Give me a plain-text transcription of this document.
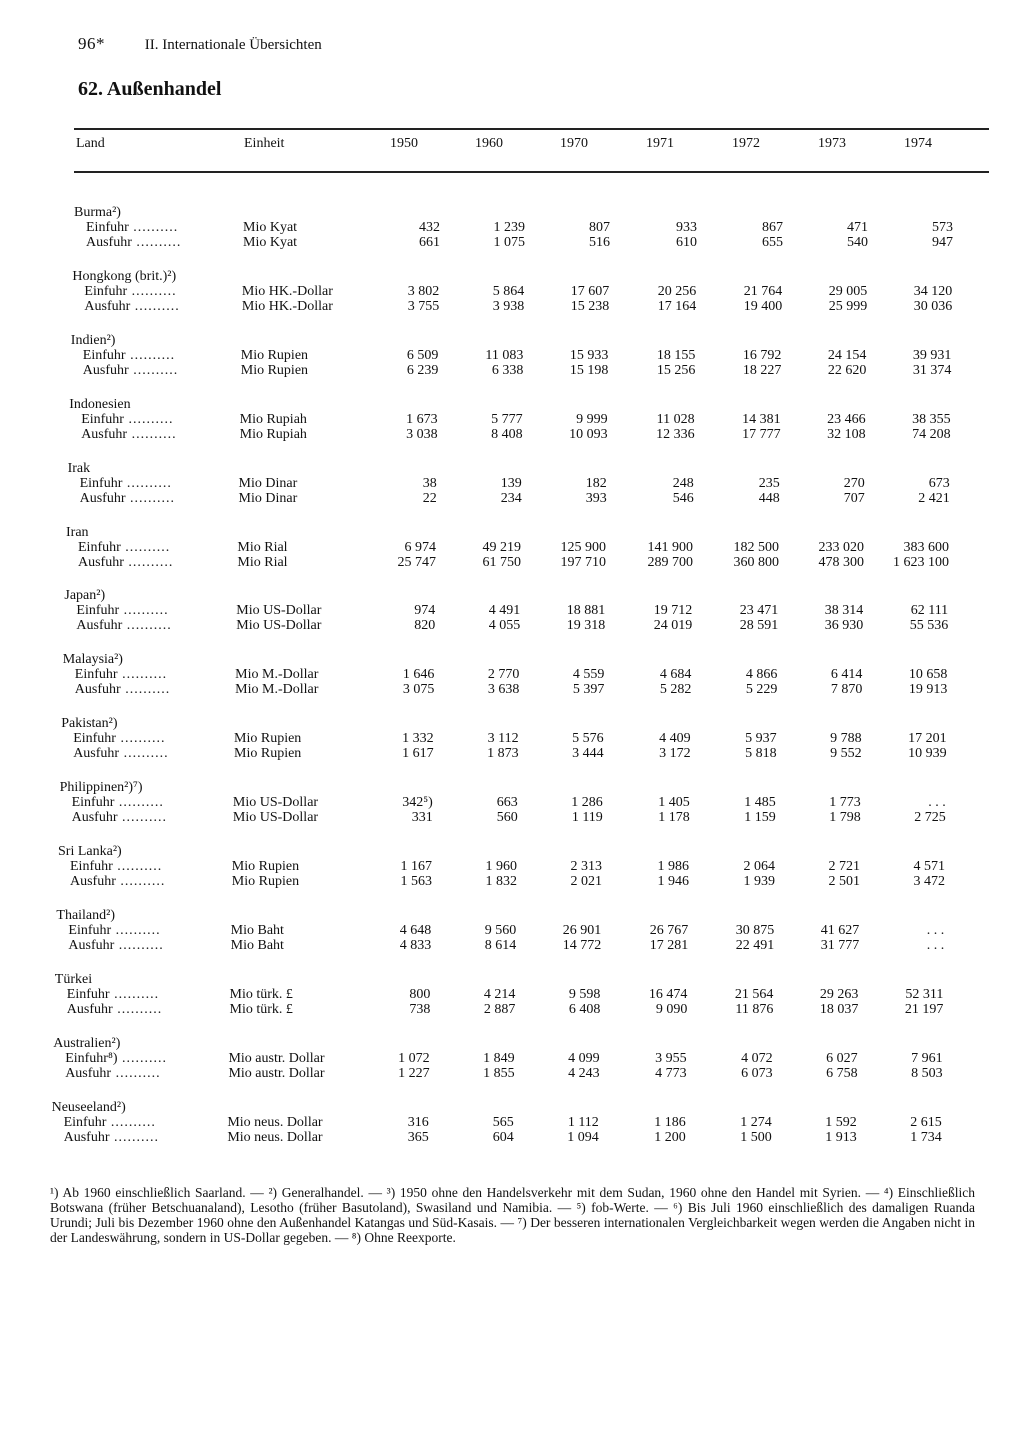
96*	II. Internationale Übersichten
62. Außenhandel
Land	Einheit	1950	1960	1970	1971	1972	1973	1974
Burma²)
Einfuhr .....	Mio Kyat	432	1 239	807	933	867	471	573
Ausfuhr .....	Mio Kyat	661	1 075	516	610	655	540	947
Hongkong (brit.)²)
Einfuhr .....	Mio HK.-Dollar	3 802	5 864	17 607	20 256	21 764	29 005	34 120
Ausfuhr .....	Mio HK.-Dollar	3 755	3 938	15 238	17 164	19 400	25 999	30 036
Indien²)
Einfuhr .....	Mio Rupien	6 509	11 083	15 933	18 155	16 792	24 154	39 931
Ausfuhr .....	Mio Rupien	6 239	6 338	15 198	15 256	18 227	22 620	31 374
Indonesien
Einfuhr .....	Mio Rupiah	1 673	5 777	9 999	11 028	14 381	23 466	38 355
Ausfuhr .....	Mio Rupiah	3 038	8 408	10 093	12 336	17 777	32 108	74 208
Irak
Einfuhr .....	Mio Dinar	38	139	182	248	235	270	673
Ausfuhr .....	Mio Dinar	22	234	393	546	448	707	2 421
Iran
Einfuhr .....	Mio Rial	6 974	49 219	125 900	141 900	182 500	233 020	383 600
Ausfuhr .....	Mio Rial	25 747	61 750	197 710	289 700	360 800	478 300	1 623 100
Japan²)
Einfuhr .....	Mio US-Dollar	974	4 491	18 881	19 712	23 471	38 314	62 111
Ausfuhr .....	Mio US-Dollar	820	4 055	19 318	24 019	28 591	36 930	55 536
Malaysia²)
Einfuhr .....	Mio M.-Dollar	1 646	2 770	4 559	4 684	4 866	6 414	10 658
Ausfuhr .....	Mio M.-Dollar	3 075	3 638	5 397	5 282	5 229	7 870	19 913
Pakistan²)
Einfuhr .....	Mio Rupien	1 332	3 112	5 576	4 409	5 937	9 788	17 201
Ausfuhr .....	Mio Rupien	1 617	1 873	3 444	3 172	5 818	9 552	10 939
Philippinen²)⁷)
Einfuhr .....	Mio US-Dollar	342⁵)	663	1 286	1 405	1 485	1 773	. . .
Ausfuhr .....	Mio US-Dollar	331	560	1 119	1 178	1 159	1 798	2 725
Sri Lanka²)
Einfuhr .....	Mio Rupien	1 167	1 960	2 313	1 986	2 064	2 721	4 571
Ausfuhr .....	Mio Rupien	1 563	1 832	2 021	1 946	1 939	2 501	3 472
Thailand²)
Einfuhr .....	Mio Baht	4 648	9 560	26 901	26 767	30 875	41 627	. . .
Ausfuhr .....	Mio Baht	4 833	8 614	14 772	17 281	22 491	31 777	. . .
Türkei
Einfuhr .....	Mio türk. £	800	4 214	9 598	16 474	21 564	29 263	52 311
Ausfuhr .....	Mio türk. £	738	2 887	6 408	9 090	11 876	18 037	21 197
Australien²)
Einfuhr⁸) .....	Mio austr. Dollar	1 072	1 849	4 099	3 955	4 072	6 027	7 961
Ausfuhr .....	Mio austr. Dollar	1 227	1 855	4 243	4 773	6 073	6 758	8 503
Neuseeland²)
Einfuhr .....	Mio neus. Dollar	316	565	1 112	1 186	1 274	1 592	2 615
Ausfuhr .....	Mio neus. Dollar	365	604	1 094	1 200	1 500	1 913	1 734
¹) Ab 1960 einschließlich Saarland. — ²) Generalhandel. — ³) 1950 ohne den Handelsverkehr mit dem Sudan, 1960 ohne den Handel mit Syrien. — ⁴) Einschließlich Botswana (früher Betschuanaland), Lesotho (früher Basutoland), Swasiland und Namibia. — ⁵) fob-Werte. — ⁶) Bis Juli 1960 einschließlich des damaligen Ruanda Urundi; Juli bis Dezember 1960 ohne den Außenhandel Katangas und Süd-Kasais. — ⁷) Der besseren internationalen Vergleichbarkeit wegen werden die Angaben nicht in der Landeswährung, sondern in US-Dollar gegeben. — ⁸) Ohne Reexporte.
